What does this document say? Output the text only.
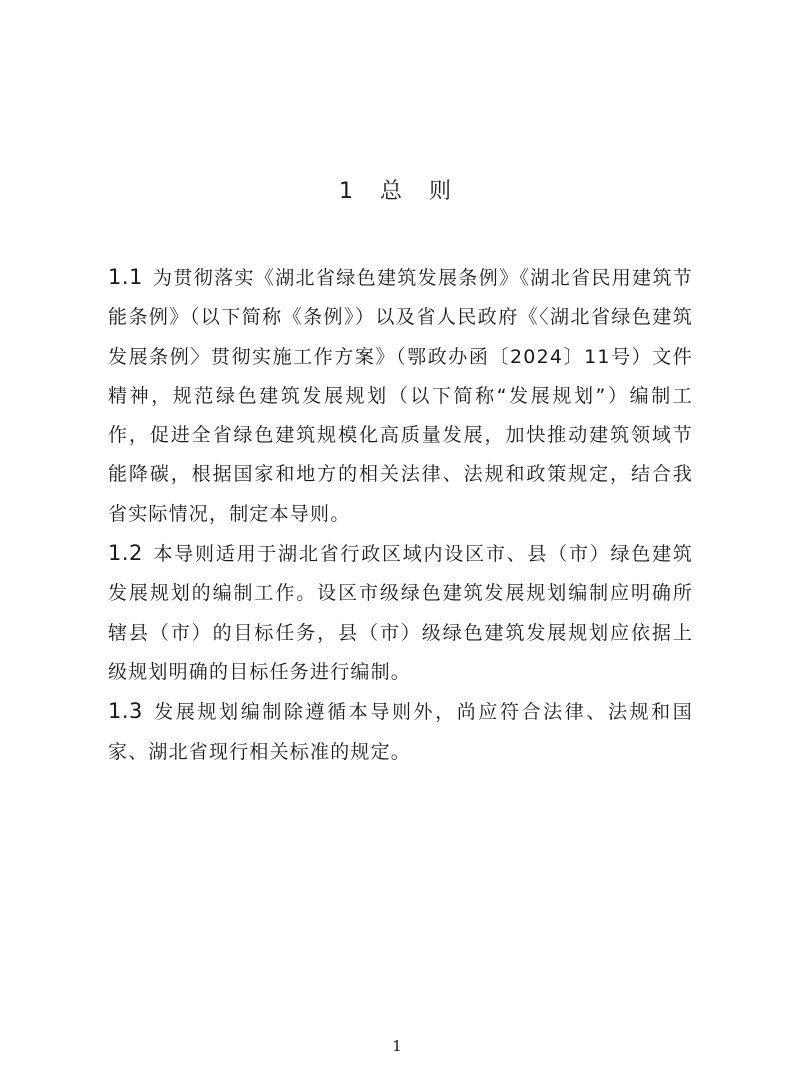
1 总 则

1.1 为贯彻落实《湖北省绿色建筑发展条例》《湖北省民用建筑节能条例》（以下简称《条例》）以及省人民政府《〈湖北省绿色建筑发展条例〉贯彻实施工作方案》（鄂政办函〔2024〕11号）文件精神，规范绿色建筑发展规划（以下简称“发展规划”）编制工作，促进全省绿色建筑规模化高质量发展，加快推动建筑领域节能降碳，根据国家和地方的相关法律、法规和政策规定，结合我省实际情况，制定本导则。

1.2 本导则适用于湖北省行政区域内设区市、县（市）绿色建筑发展规划的编制工作。设区市级绿色建筑发展规划编制应明确所辖县（市）的目标任务，县（市）级绿色建筑发展规划应依据上级规划明确的目标任务进行编制。

1.3 发展规划编制除遵循本导则外，尚应符合法律、法规和国家、湖北省现行相关标准的规定。

1
